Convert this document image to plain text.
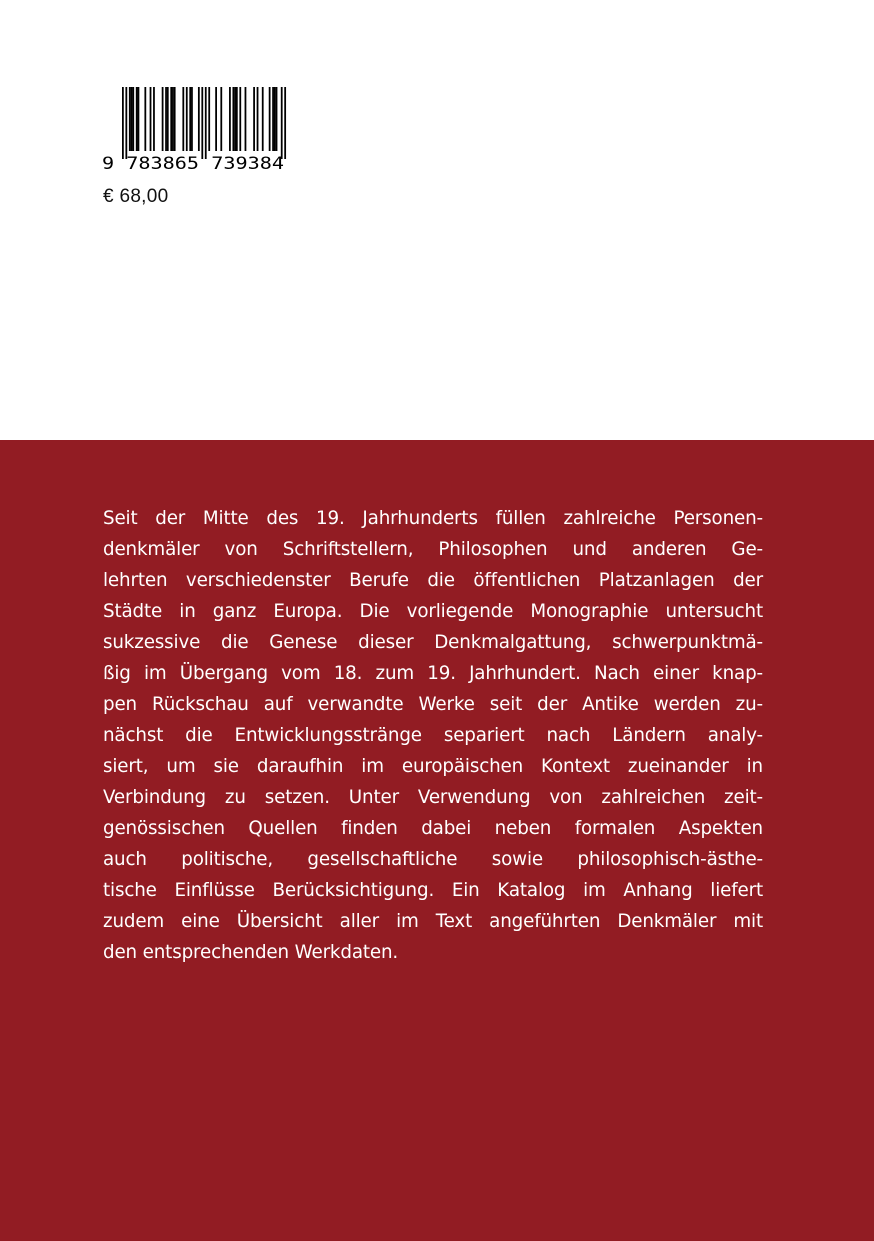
9 783865 739384
€ 68,00
Seit der Mitte des 19. Jahrhunderts füllen zahlreiche Personen-
denkmäler von Schriftstellern, Philosophen und anderen Ge-
lehrten verschiedenster Berufe die öffentlichen Platzanlagen der
Städte in ganz Europa. Die vorliegende Monographie untersucht
sukzessive die Genese dieser Denkmalgattung, schwerpunktmä-
ßig im Übergang vom 18. zum 19. Jahrhundert. Nach einer knap-
pen Rückschau auf verwandte Werke seit der Antike werden zu-
nächst die Entwicklungsstränge separiert nach Ländern analy-
siert, um sie daraufhin im europäischen Kontext zueinander in
Verbindung zu setzen. Unter Verwendung von zahlreichen zeit-
genössischen Quellen finden dabei neben formalen Aspekten
auch politische, gesellschaftliche sowie philosophisch-ästhe-
tische Einflüsse Berücksichtigung. Ein Katalog im Anhang liefert
zudem eine Übersicht aller im Text angeführten Denkmäler mit
den entsprechenden Werkdaten.
